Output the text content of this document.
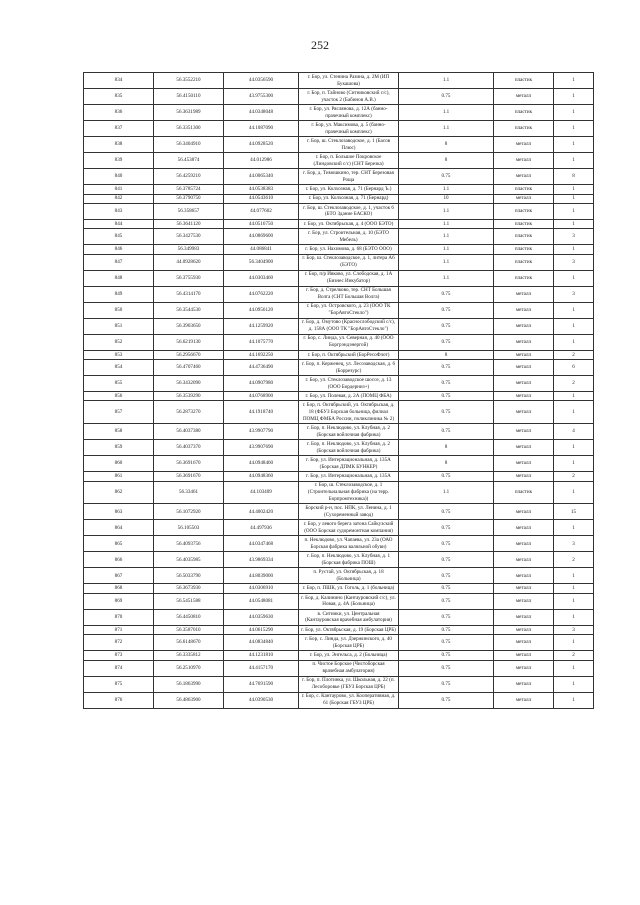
252
834	56.3552210	44.0356590	г. Бор, ул. Стенина Разина, д. 2М (ИП Букашова)	1.1	пластик	1
835	56.4150110	43.9755300	г. Бор, п. Тайново (Ситниковский с/с), участок 2 (Бабинов А.В.)	0.75	металл	1
836	56.3631989	44.0348048	г. Бор, ул. Ряслянова, д. 12А (банно-прачечный комплекс)	1.1	пластик	1
837	56.3351300	44.1087090	г. Бор, ул. Максимова, д. 5 (банно-прачечный комплекс)	1.1	пластик	1
838	56.3404910	44.0928520	г. Бор, ш. Стеклозаводское, д. 1 (Басов Плюс)	8	металл	1
839	56.453874	44.012986	г. Бор, п. Большое Покровское (Линдовский с/с) (СНТ Березка)	8	металл	1
840	56.4259210	44.0065340	г. Бор, д. Тимошкино, тер. СНТ Березовая Роща	0.75	металл	8
841	56.3785724	44.0538383	г. Бор, ул. Колхозная, д. 71 (Бернард Ъ.)	1.1	пластик	1
842	56.3790750	44.0543610	г. Бор, ул. Колхозная, д. 71 (Бернард)	10	металл	1
843	56.358657	44.077602	г. Бор, ш. Стеклозаводское, д. 1, участок 6 (БТО Здание БАСКО)	1.1	пластик	1
844	56.3641120	44.0516750	г. Бор, ул. Октябрьская, д. 4 (ООО БЭТО)	1.1	пластик	1
845	56.3427530	44.0869600	г. Бор, ул. Строительная, д. 10 (БЭТО Мебель)	1.1	пластик	3
846	56.349983	44.086841	г. Бор, ул. Нахимова, д. 68 (БЭТО ООО)	1.1	пластик	1
847	44.0928620	56.3404900	г. Бор, ш. Стеклозаводское, д. 1, литера А6 (БЭТО)	1.1	пластик	3
848	56.3755930	44.0303460	г. Бор, п/р Ивково, ул. Слободская, д. 1А (Бизнес Инкубатор)	1.1	пластик	1
849	56.4314170	44.0762220	г. Бор, д. Стрелково, тер. СНТ Большая Волга (СНТ Большая Волга)	0.75	металл	3
850	56.3544530	44.0956120	г. Бор, ул. Островского, д. 23 (ООО ТК "БорАвтоСтекло")	0.75	металл	1
851	56.3903650	44.1259920	г. Бор, д. Омутово (Краснослободский с/с), д. 158А (ООО ТК "БорАвтоСтекло")	0.75	металл	1
852	56.6219130	44.1075770	г. Бор, с. Линда, ул. Северная, д. 40 (ООО Боргрэндэнергой)	0.75	металл	1
853	56.2956670	44.1692250	г. Бор, п. Октябрьский (БорРесоФлот)	8	металл	2
854	56.4707460	44.4736490	г. Бор, п. Керженец, ул. Лесозаводская, д. 6 (Боррезурс)	0.75	металл	6
855	56.3432090	44.0907980	г. Бор, ул. Стеклозаводское шоссе, д. 13 (ООО Бордерниз+)	0.75	металл	2
856	56.3539290	44.0768900	г. Бор, ул. Полевая, д. 2А (ПОМЦ ФБА)	0.75	металл	1
857	56.2873270	44.1918740	г. Бор, п. Октябрьский, ул. Октябрьская, д. 18 (ФБУЗ Борская больница, филиал ПОМЦ ФМБА России, поликлиника № 2)	0.75	металл	1
858	56.4037380	43.9907790	г. Бор, п. Неклюдово, ул. Клубная, д. 2 (Борская войлочная фабрика)	0.75	металл	4
859	56.4037370	43.9907690	г. Бор, п. Неклюдово, ул. Клубная, д. 2 (Борская войлочная фабрика)	8	металл	1
860	56.3691670	44.0948460	г. Бор, ул. Интернациональная, д. 135А (Борская ДПМК БУНКЕР)	8	металл	1
861	56.3691670	44.0948360	г. Бор, ул. Интернациональная, д. 135А	0.75	металл	2
862	56.33461	44.103409	г. Бор, ш. Стеклозаводское, д. 1 (Строительнальная фабрика (на терр. Борпромтехника))	1.1	пластик	1
863	56.1072920	44.4002420	Борский р-н, пос. НПК, ул. Ленина, д. 1 (Сухоременный завод)	0.75	металл	15
864	56.105503	44.497936	г. Бор, у левого берега затона Сайкузский (ООО Борская судоремонтная компания)	0.75	металл	1
865	56.4093756	44.0347468	п. Неклюдово, ул. Чапаева, ул. 23а (ОАО Борская фабрика валяльной обуви)	0.75	металл	3
866	56.4035985	43.9869334	г. Бор, п. Неклюдово, ул. Клубная, д. 1 (Борская фабрика ПОШ)	0.75	металл	2
867	56.5033790	44.8039000	п. Рустай, ул. Октябрьская, д. 18 (Больница)	0.75	металл	1
868	56.3673930	44.0306910	г. Бор, п. ПШК, ул. Гоголь, д. 1 (больница)	0.75	металл	1
869	56.5451588	44.0548081	г. Бор, д. Калинино (Кантауровский с/с), ул. Новая, д. 4А (Больница)	0.75	металл	1
870	56.4450810	44.0359630	в. Ситники, ул. Центральная (Кантауровская врачебная амбулатория)	0.75	металл	1
871	56.3587010	44.0615290	г. Бор, ул. Октябрьская, д. 19 (Борская ЦРБ)	0.75	металл	3
872	56.6148670	44.0834840	г. Бор, с. Линда, ул. Дзержинского, д. 40 (Борская ЦРБ)	0.75	металл	1
873	56.3335812	44.1231810	г. Бор, ул. Энгельса, д. 2 (Больница)	0.75	металл	2
874	56.2510970	44.4157170	п. Чистое Борское (Чистоборская врачебная амбулатория)	0.75	металл	1
875	56.1863990	44.7691590	г. Бор, п. Плотинка, ул. Школьная, д. 22 (п. Лесоборовье (ГБУЗ Борская ЦРБ)	0.75	металл	1
876	56.4863900	44.0390530	г. Бор, с. Кантаурово, ул. Кооперативная, д. 61 (Борская ГБУЗ ЦРБ)	0.75	металл	1
